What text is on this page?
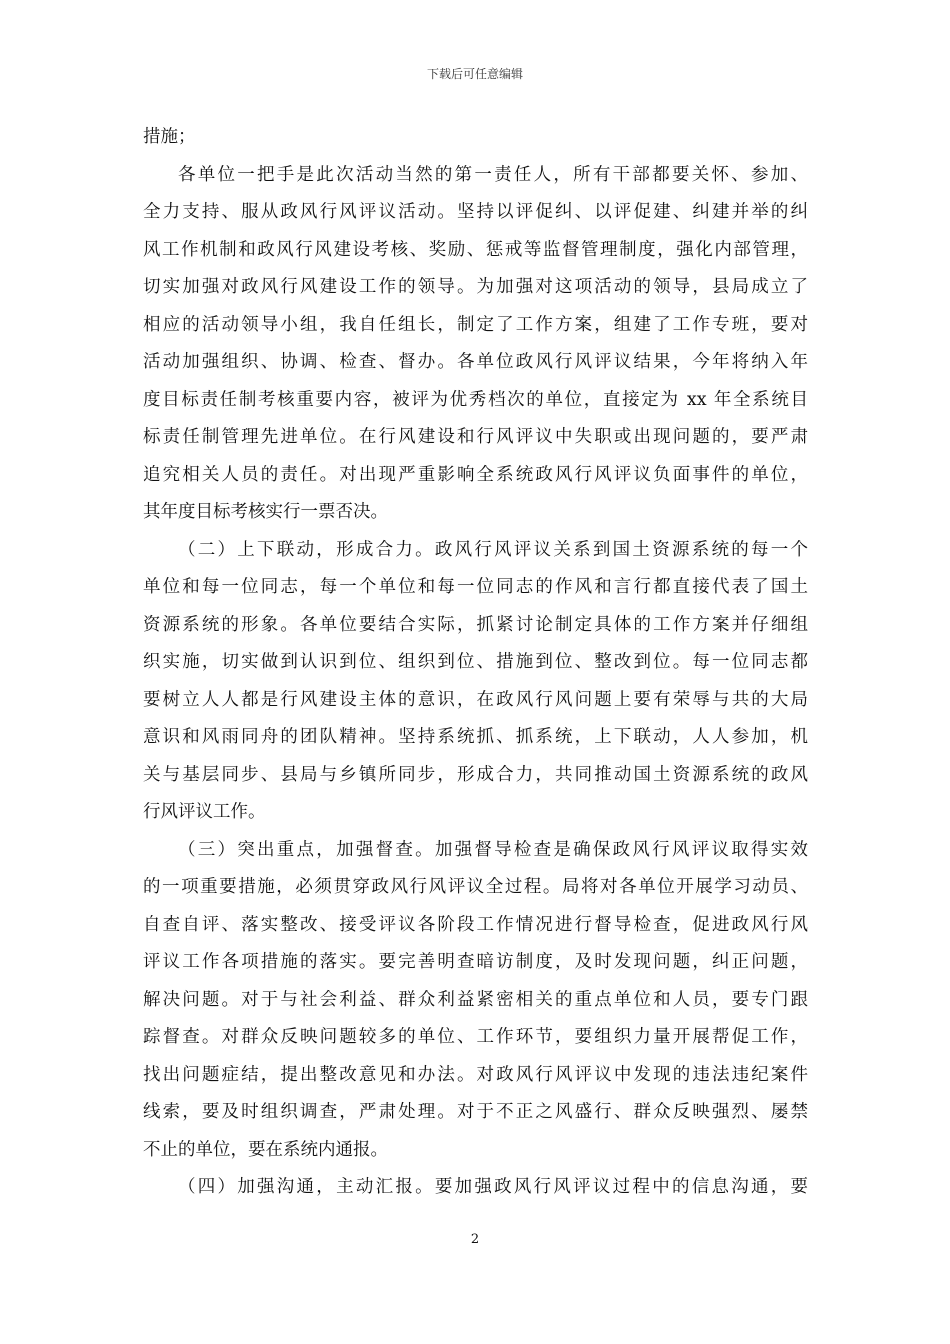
下载后可任意编辑
措施；
各单位一把手是此次活动当然的第一责任人，所有干部都要关怀、参加、
全力支持、服从政风行风评议活动。坚持以评促纠、以评促建、纠建并举的纠
风工作机制和政风行风建设考核、奖励、惩戒等监督管理制度，强化内部管理，
切实加强对政风行风建设工作的领导。为加强对这项活动的领导，县局成立了
相应的活动领导小组，我自任组长，制定了工作方案，组建了工作专班，要对
活动加强组织、协调、检查、督办。各单位政风行风评议结果，今年将纳入年
度目标责任制考核重要内容，被评为优秀档次的单位，直接定为 xx 年全系统目
标责任制管理先进单位。在行风建设和行风评议中失职或出现问题的，要严肃
追究相关人员的责任。对出现严重影响全系统政风行风评议负面事件的单位，
其年度目标考核实行一票否决。
（二）上下联动，形成合力。政风行风评议关系到国土资源系统的每一个
单位和每一位同志，每一个单位和每一位同志的作风和言行都直接代表了国土
资源系统的形象。各单位要结合实际，抓紧讨论制定具体的工作方案并仔细组
织实施，切实做到认识到位、组织到位、措施到位、整改到位。每一位同志都
要树立人人都是行风建设主体的意识，在政风行风问题上要有荣辱与共的大局
意识和风雨同舟的团队精神。坚持系统抓、抓系统，上下联动，人人参加，机
关与基层同步、县局与乡镇所同步，形成合力，共同推动国土资源系统的政风
行风评议工作。
（三）突出重点，加强督查。加强督导检查是确保政风行风评议取得实效
的一项重要措施，必须贯穿政风行风评议全过程。局将对各单位开展学习动员、
自查自评、落实整改、接受评议各阶段工作情况进行督导检查，促进政风行风
评议工作各项措施的落实。要完善明查暗访制度，及时发现问题，纠正问题，
解决问题。对于与社会利益、群众利益紧密相关的重点单位和人员，要专门跟
踪督查。对群众反映问题较多的单位、工作环节，要组织力量开展帮促工作，
找出问题症结，提出整改意见和办法。对政风行风评议中发现的违法违纪案件
线索，要及时组织调查，严肃处理。对于不正之风盛行、群众反映强烈、屡禁
不止的单位，要在系统内通报。
（四）加强沟通，主动汇报。要加强政风行风评议过程中的信息沟通，要
2
